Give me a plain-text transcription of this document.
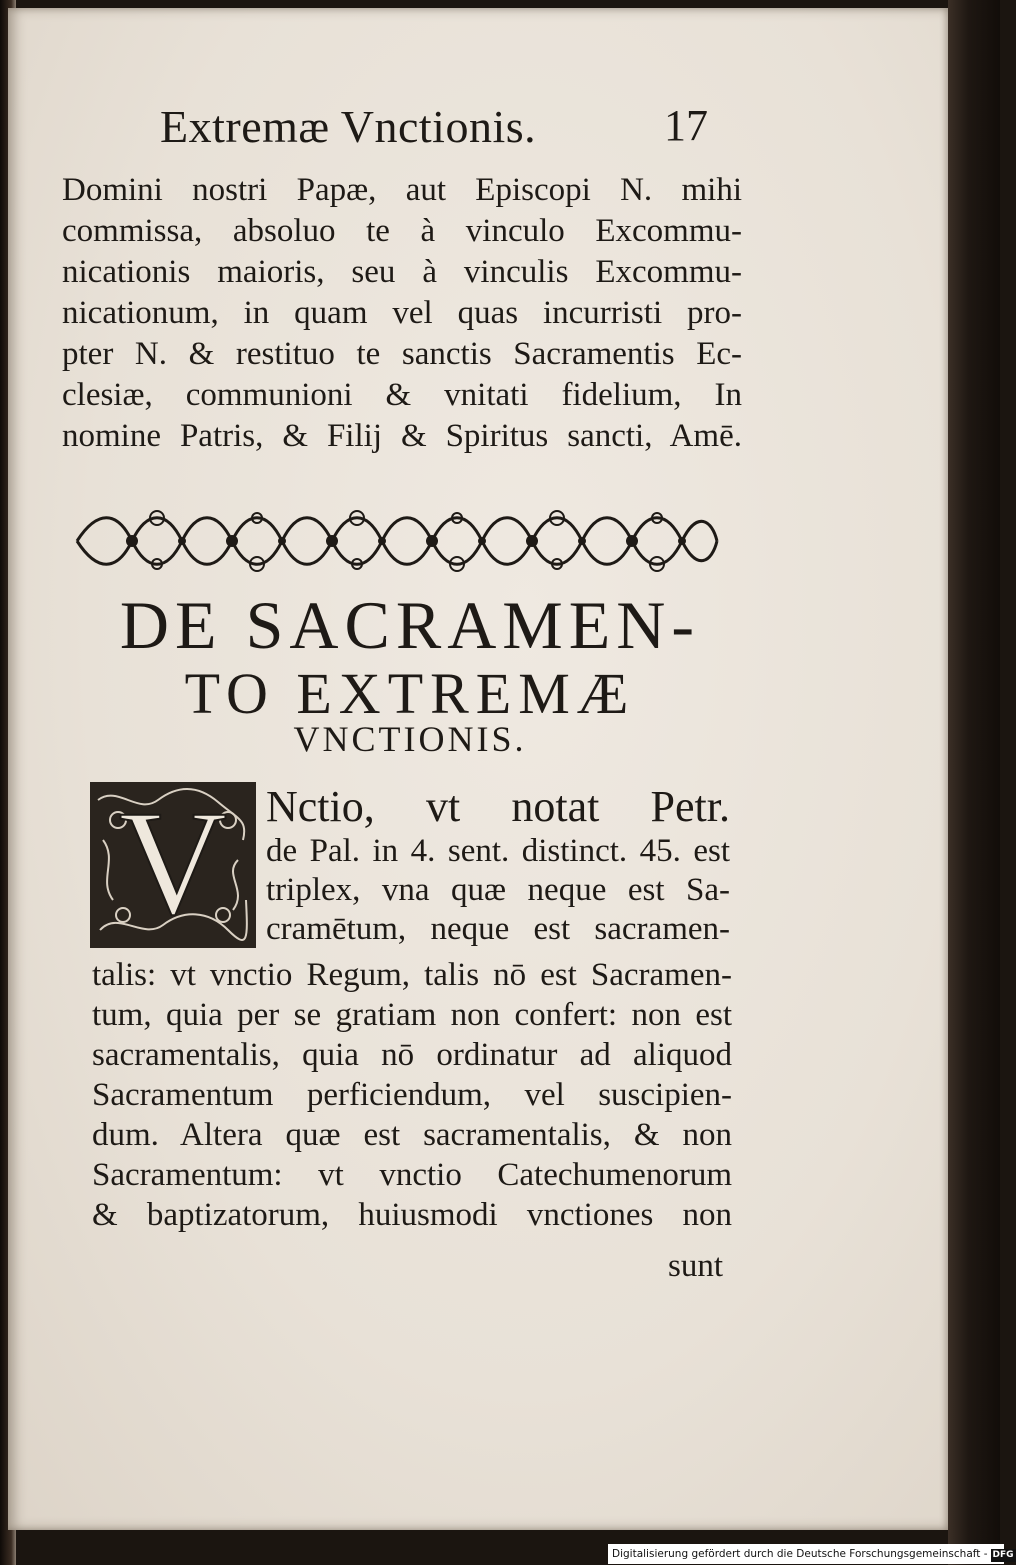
Extremæ Vnctionis.	17
Domini nostri Papæ, aut Episcopi N. mihi
commissa, absoluo te à vinculo Excommu-
nicationis maioris, seu à vinculis Excommu-
nicationum, in quam vel quas incurristi pro-
pter N. & restituo te sanctis Sacramentis Ec-
clesiæ, communioni & vnitati fidelium, In
nomine Patris, & Filij & Spiritus sancti, Amē.
DE SACRAMEN-
TO EXTREMÆ
VNCTIONIS.
V Nctio, vt notat Petr.
de Pal. in 4. sent. distinct. 45. est
triplex, vna quæ neque est Sa-
cramētum, neque est sacramen-
talis: vt vnctio Regum, talis nō est Sacramen-
tum, quia per se gratiam non confert: non est
sacramentalis, quia nō ordinatur ad aliquod
Sacramentum perficiendum, vel suscipien-
dum. Altera quæ est sacramentalis, & non
Sacramentum: vt vnctio Catechumenorum
& baptizatorum, huiusmodi vnctiones non
sunt
Digitalisierung gefördert durch die Deutsche Forschungsgemeinschaft - DFG
